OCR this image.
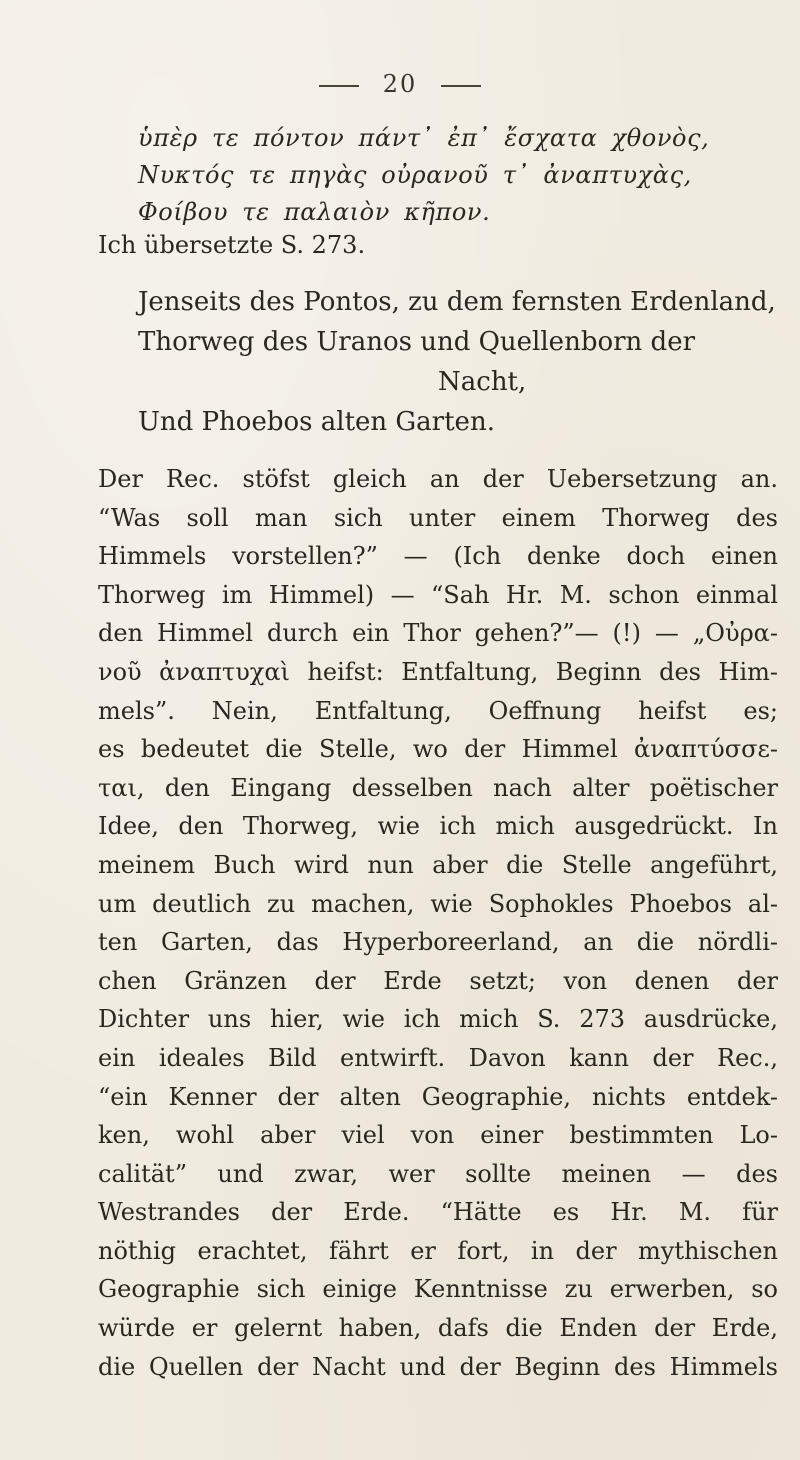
20
ὑπὲρ τε πόντον πάντ᾽ ἐπ᾽ ἔσχατα χθονὸς,
Νυκτός τε πηγὰς οὐρανοῦ τ᾽ ἀναπτυχὰς,
Φοίβου τε παλαιὸν κῆπον.
Ich übersetzte S. 273.
Jenseits des Pontos, zu dem fernsten Erdenland,
Thorweg des Uranos und Quellenborn der
Nacht,
Und Phoebos alten Garten.
Der Rec. stöfst gleich an der Uebersetzung an.
“Was soll man sich unter einem Thorweg des
Himmels vorstellen?” — (Ich denke doch einen
Thorweg im Himmel) — “Sah Hr. M. schon einmal
den Himmel durch ein Thor gehen?”— (!) — „Οὐρα-
νοῦ ἀναπτυχαὶ heifst: Entfaltung, Beginn des Him-
mels”. Nein, Entfaltung, Oeffnung heifst es;
es bedeutet die Stelle, wo der Himmel ἀναπτύσσε-
ται, den Eingang desselben nach alter poëtischer
Idee, den Thorweg, wie ich mich ausgedrückt. In
meinem Buch wird nun aber die Stelle angeführt,
um deutlich zu machen, wie Sophokles Phoebos al-
ten Garten, das Hyperboreerland, an die nördli-
chen Gränzen der Erde setzt; von denen der
Dichter uns hier, wie ich mich S. 273 ausdrücke,
ein ideales Bild entwirft. Davon kann der Rec.,
“ein Kenner der alten Geographie, nichts entdek-
ken, wohl aber viel von einer bestimmten Lo-
calität” und zwar, wer sollte meinen — des
Westrandes der Erde. “Hätte es Hr. M. für
nöthig erachtet, fährt er fort, in der mythischen
Geographie sich einige Kenntnisse zu erwerben, so
würde er gelernt haben, dafs die Enden der Erde,
die Quellen der Nacht und der Beginn des Himmels
